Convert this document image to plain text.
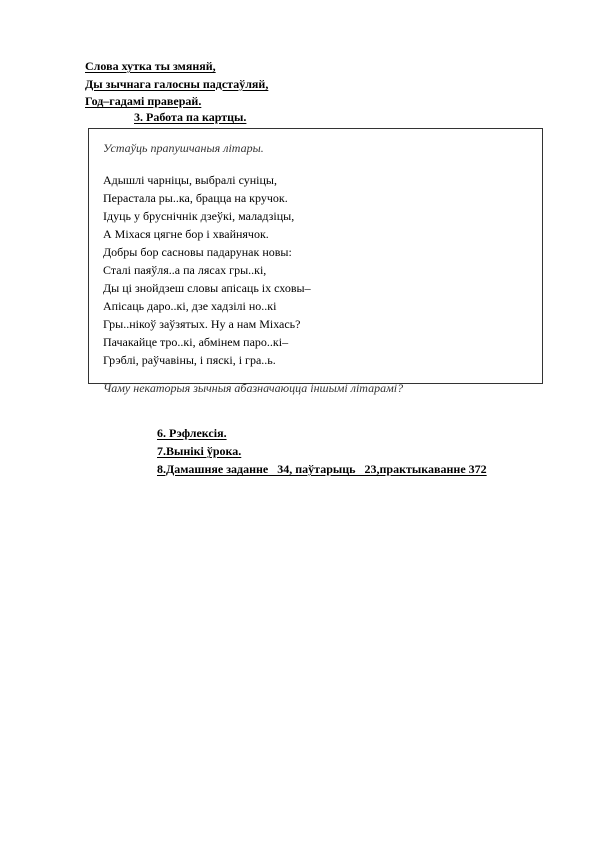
Слова хутка ты змяняй,
Ды зычнага галосны падстаўляй,
Год–гадамі праверай.
3. Работа па картцы.
Устаўць прапушчаныя літары.
Адышлі чарніцы, выбралі суніцы,
Перастала ры..ка, браццa на кручок.
Ідуць у бруснічнік дзеўкі, маладзіцы,
А Міхася цягне бор і хвайнячок.
Добры бор сасновы падарунак новы:
Сталі паяўля..а па лясах гры..кі,
Ды ці знойдзеш словы апісаць іх сховы–
Апісаць даро..кі, дзе хадзілі но..кі
Гры..нікоў заўзятых. Ну а нам Міхась?
Пачакайце тро..кі, абмінем паро..кі–
Грэблі, раўчавіны, і пяскі, і гра..ь.
Чаму некаторыя зычныя абазначаюцца іншымі літарамі?
6. Рэфлексія.
7.Вынікі ўрока.
8.Дамашняе заданне   34, паўтарыць   23,практыкаванне 372
